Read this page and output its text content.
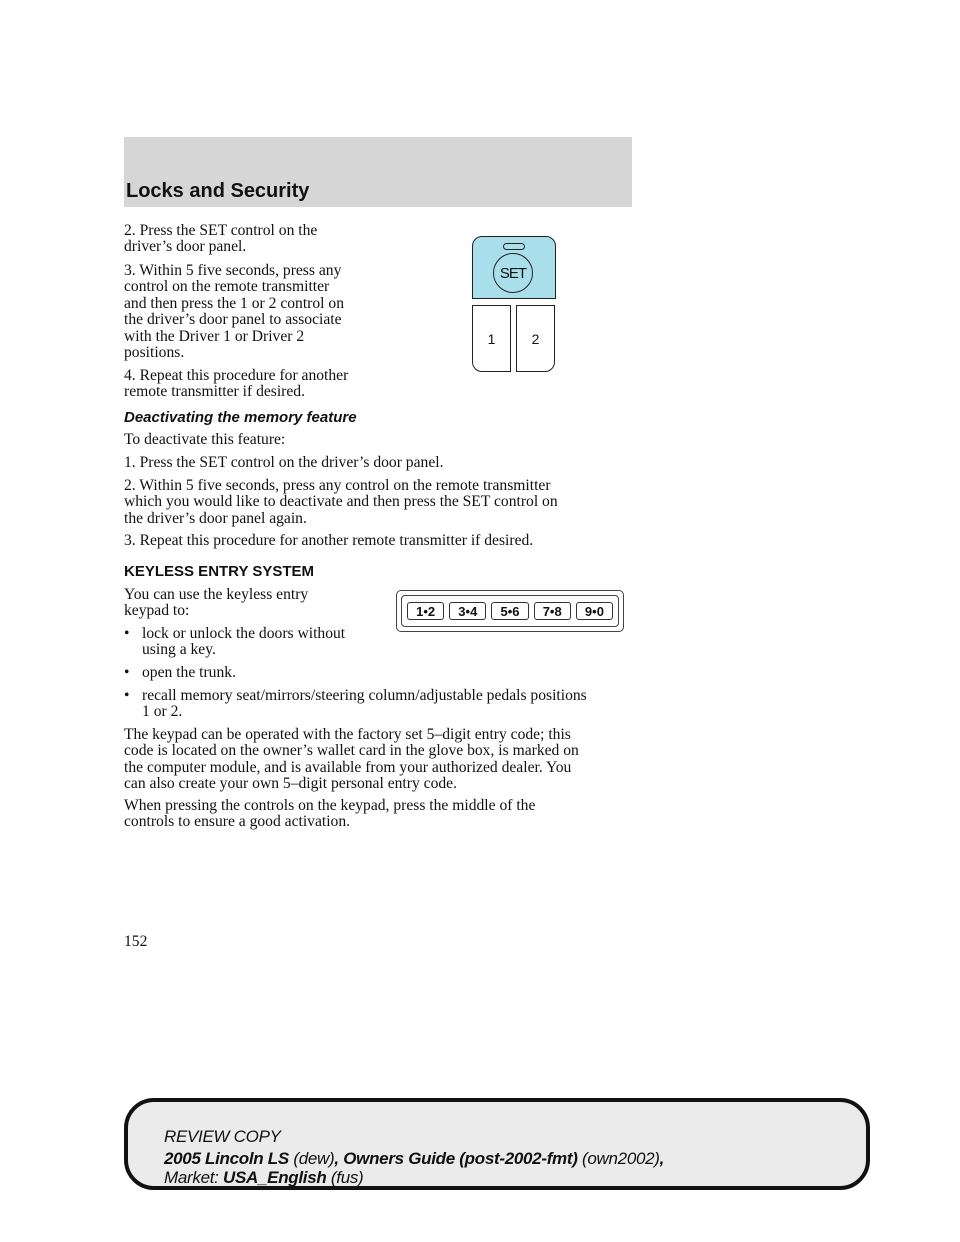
Locks and Security
2. Press the SET control on the
driver’s door panel.
3. Within 5 five seconds, press any
control on the remote transmitter
and then press the 1 or 2 control on
the driver’s door panel to associate
with the Driver 1 or Driver 2
positions.
4. Repeat this procedure for another
remote transmitter if desired.
Deactivating the memory feature
To deactivate this feature:
1. Press the SET control on the driver’s door panel.
2. Within 5 five seconds, press any control on the remote transmitter
which you would like to deactivate and then press the SET control on
the driver’s door panel again.
3. Repeat this procedure for another remote transmitter if desired.
KEYLESS ENTRY SYSTEM
You can use the keyless entry
keypad to:
• lock or unlock the doors without
using a key.
• open the trunk.
• recall memory seat/mirrors/steering column/adjustable pedals positions
1 or 2.
The keypad can be operated with the factory set 5–digit entry code; this
code is located on the owner’s wallet card in the glove box, is marked on
the computer module, and is available from your authorized dealer. You
can also create your own 5–digit personal entry code.
When pressing the controls on the keypad, press the middle of the
controls to ensure a good activation.
SET
1	2
1•2	3•4	5•6	7•8	9•0
152
REVIEW COPY
2005 Lincoln LS (dew), Owners Guide (post-2002-fmt) (own2002),
Market: USA_English (fus)
